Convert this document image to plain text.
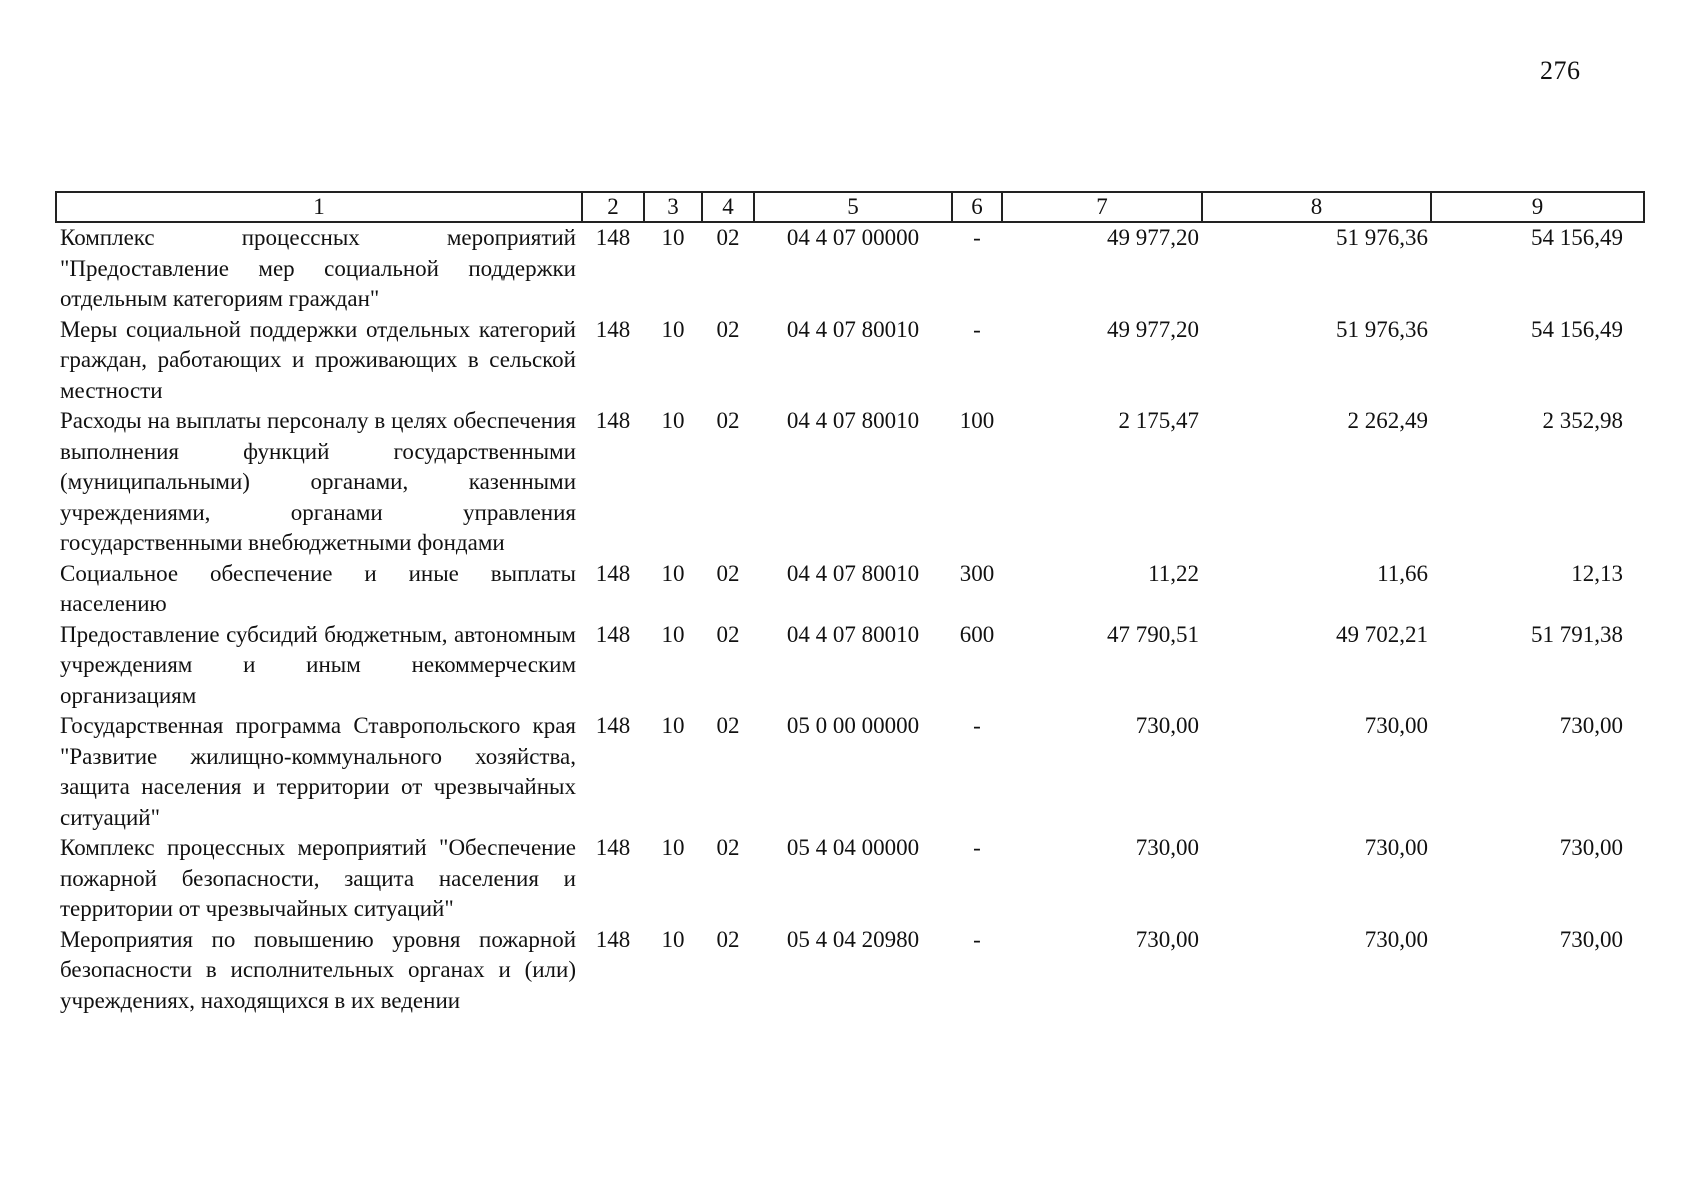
276
1	2	3	4	5	6	7	8	9
Комплекс процессных мероприятий "Предоставление мер социальной поддержки отдельным категориям граждан"	148	10	02	04 4 07 00000	-	49 977,20	51 976,36	54 156,49
Меры социальной поддержки отдельных категорий граждан, работающих и проживающих в сельской местности	148	10	02	04 4 07 80010	-	49 977,20	51 976,36	54 156,49
Расходы на выплаты персоналу в целях обеспечения выполнения функций государственными (муниципальными) органами, казенными учреждениями, органами управления государственными внебюджетными фондами	148	10	02	04 4 07 80010	100	2 175,47	2 262,49	2 352,98
Социальное обеспечение и иные выплаты населению	148	10	02	04 4 07 80010	300	11,22	11,66	12,13
Предоставление субсидий бюджетным, автономным учреждениям и иным некоммерческим организациям	148	10	02	04 4 07 80010	600	47 790,51	49 702,21	51 791,38
Государственная программа Ставропольского края "Развитие жилищно-коммунального хозяйства, защита населения и территории от чрезвычайных ситуаций"	148	10	02	05 0 00 00000	-	730,00	730,00	730,00
Комплекс процессных мероприятий "Обеспечение пожарной безопасности, защита населения и территории от чрезвычайных ситуаций"	148	10	02	05 4 04 00000	-	730,00	730,00	730,00
Мероприятия по повышению уровня пожарной безопасности в исполнительных органах и (или) учреждениях, находящихся в их ведении	148	10	02	05 4 04 20980	-	730,00	730,00	730,00
